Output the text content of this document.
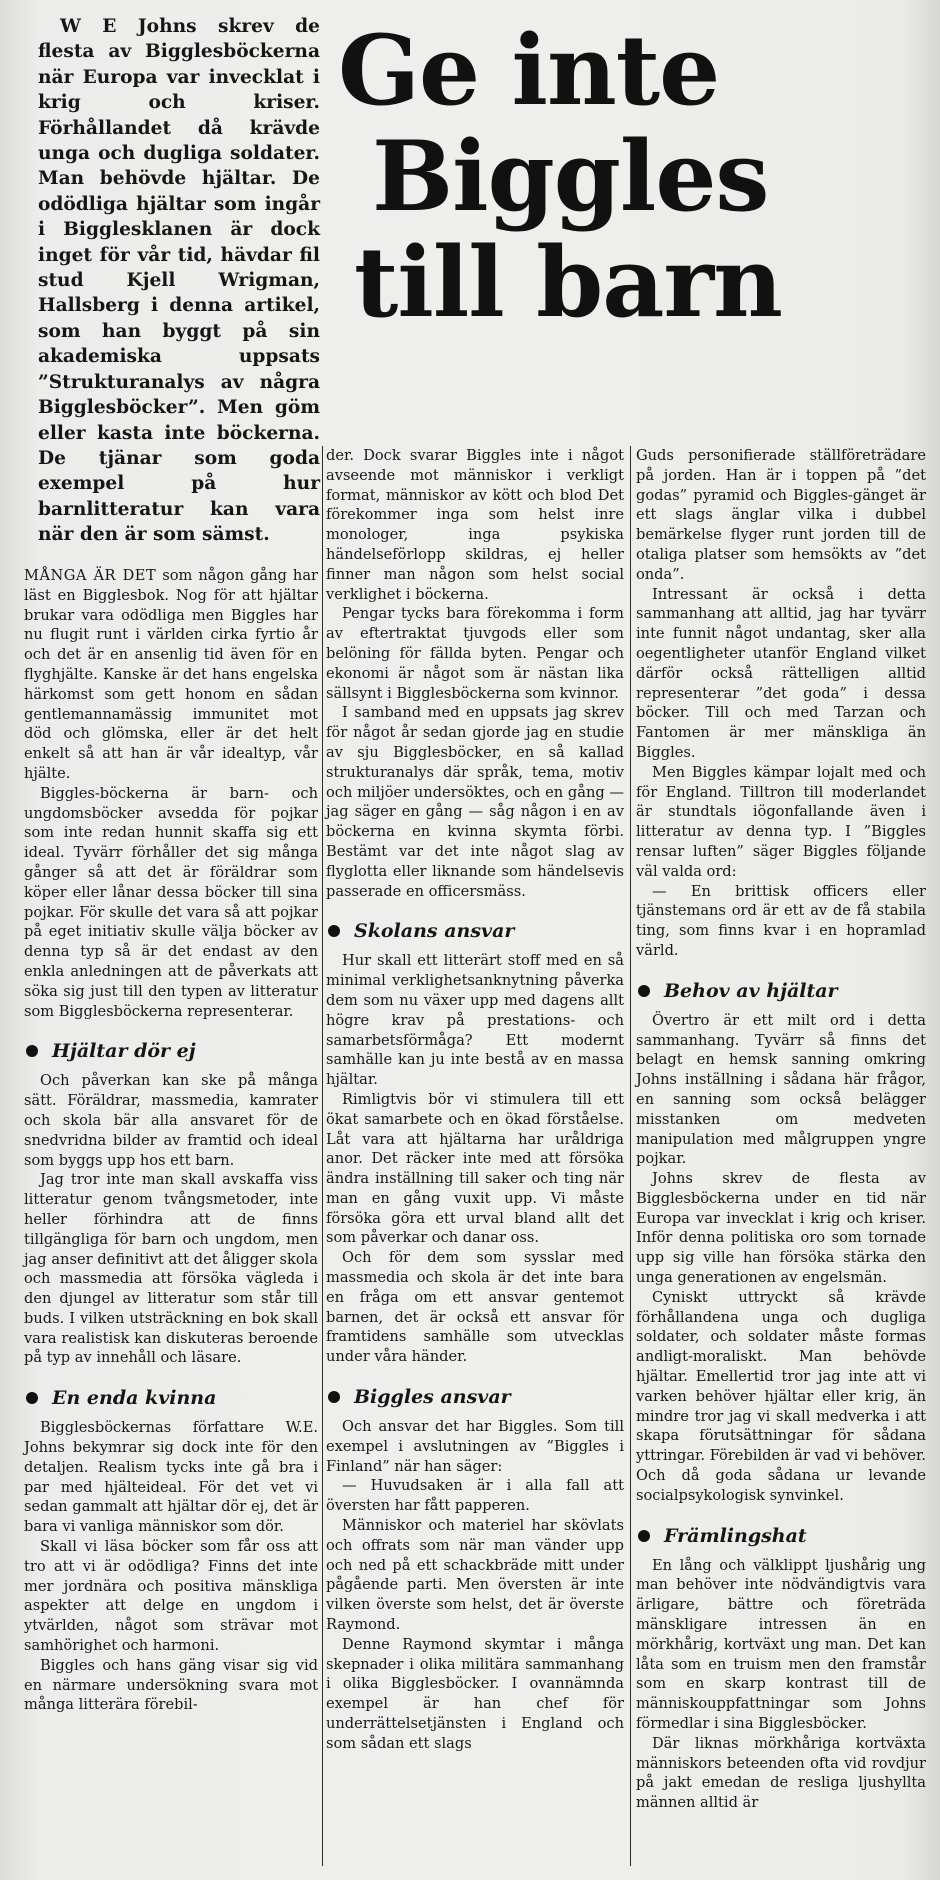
Ge inte
Biggles
till barn

W E Johns skrev de flesta av Bigglesböckerna när Europa var invecklat i krig och kriser. Förhållandet då krävde unga och dugliga soldater. Man behövde hjältar. De odödliga hjältar som ingår i Bigglesklanen är dock inget för vår tid, hävdar fil stud Kjell Wrigman, Hallsberg i denna artikel, som han byggt på sin akademiska uppsats ”Strukturanalys av några Bigglesböcker”. Men göm eller kasta inte böckerna. De tjänar som goda exempel på hur barnlitteratur kan vara när den är som sämst.

MÅNGA ÄR DET som någon gång har läst en Bigglesbok. Nog för att hjältar brukar vara odödliga men Biggles har nu flugit runt i världen cirka fyrtio år och det är en ansenlig tid även för en flyghjälte. Kanske är det hans engelska härkomst som gett honom en sådan gentlemannamässig immunitet mot död och glömska, eller är det helt enkelt så att han är vår idealtyp, vår hjälte.

Biggles-böckerna är barn- och ungdomsböcker avsedda för pojkar som inte redan hunnit skaffa sig ett ideal. Tyvärr förhåller det sig många gånger så att det är föräldrar som köper eller lånar dessa böcker till sina pojkar. För skulle det vara så att pojkar på eget initiativ skulle välja böcker av denna typ så är det endast av den enkla anledningen att de påverkats att söka sig just till den typen av litteratur som Bigglesböckerna representerar.

Hjältar dör ej

Och påverkan kan ske på många sätt. Föräldrar, massmedia, kamrater och skola bär alla ansvaret för de snedvridna bilder av framtid och ideal som byggs upp hos ett barn.

Jag tror inte man skall avskaffa viss litteratur genom tvångsmetoder, inte heller förhindra att de finns tillgängliga för barn och ungdom, men jag anser definitivt att det åligger skola och massmedia att försöka vägleda i den djungel av litteratur som står till buds. I vilken utsträckning en bok skall vara realistisk kan diskuteras beroende på typ av innehåll och läsare.

En enda kvinna

Bigglesböckernas författare W.E. Johns bekymrar sig dock inte för den detaljen. Realism tycks inte gå bra i par med hjälteideal. För det vet vi sedan gammalt att hjältar dör ej, det är bara vi vanliga människor som dör.

Skall vi läsa böcker som får oss att tro att vi är odödliga? Finns det inte mer jordnära och positiva mänskliga aspekter att delge en ungdom i ytvärlden, något som strävar mot samhörighet och harmoni.

Biggles och hans gäng visar sig vid en närmare undersökning svara mot många litterära förebil-

der. Dock svarar Biggles inte i något avseende mot människor i verkligt format, människor av kött och blod Det förekommer inga som helst inre monologer, inga psykiska händelseförlopp skildras, ej heller finner man någon som helst social verklighet i böckerna.

Pengar tycks bara förekomma i form av eftertraktat tjuvgods eller som belöning för fällda byten. Pengar och ekonomi är något som är nästan lika sällsynt i Bigglesböckerna som kvinnor.

I samband med en uppsats jag skrev för något år sedan gjorde jag en studie av sju Bigglesböcker, en så kallad strukturanalys där språk, tema, motiv och miljöer undersöktes, och en gång — jag säger en gång — såg någon i en av böckerna en kvinna skymta förbi. Bestämt var det inte något slag av flyglotta eller liknande som händelsevis passerade en officersmäss.

Skolans ansvar

Hur skall ett litterärt stoff med en så minimal verklighetsanknytning påverka dem som nu växer upp med dagens allt högre krav på prestations- och samarbetsförmåga? Ett modernt samhälle kan ju inte bestå av en massa hjältar.

Rimligtvis bör vi stimulera till ett ökat samarbete och en ökad förståelse. Låt vara att hjältarna har uråldriga anor. Det räcker inte med att försöka ändra inställning till saker och ting när man en gång vuxit upp. Vi måste försöka göra ett urval bland allt det som påverkar och danar oss.

Och för dem som sysslar med massmedia och skola är det inte bara en fråga om ett ansvar gentemot barnen, det är också ett ansvar för framtidens samhälle som utvecklas under våra händer.

Biggles ansvar

Och ansvar det har Biggles. Som till exempel i avslutningen av ”Biggles i Finland” när han säger:

— Huvudsaken är i alla fall att översten har fått papperen.

Människor och materiel har skövlats och offrats som när man vänder upp och ned på ett schackbräde mitt under pågående parti. Men översten är inte vilken överste som helst, det är överste Raymond.

Denne Raymond skymtar i många skepnader i olika militära sammanhang i olika Bigglesböcker. I ovannämnda exempel är han chef för underrättelsetjänsten i England och som sådan ett slags

Guds personifierade ställföreträdare på jorden. Han är i toppen på ”det godas” pyramid och Biggles-gänget är ett slags änglar vilka i dubbel bemärkelse flyger runt jorden till de otaliga platser som hemsökts av ”det onda”.

Intressant är också i detta sammanhang att alltid, jag har tyvärr inte funnit något undantag, sker alla oegentligheter utanför England vilket därför också rättelligen alltid representerar ”det goda” i dessa böcker. Till och med Tarzan och Fantomen är mer mänskliga än Biggles.

Men Biggles kämpar lojalt med och för England. Tilltron till moderlandet är stundtals iögonfallande även i litteratur av denna typ. I ”Biggles rensar luften” säger Biggles följande väl valda ord:

— En brittisk officers eller tjänstemans ord är ett av de få stabila ting, som finns kvar i en hopramlad värld.

Behov av hjältar

Övertro är ett milt ord i detta sammanhang. Tyvärr så finns det belagt en hemsk sanning omkring Johns inställning i sådana här frågor, en sanning som också belägger misstanken om medveten manipulation med målgruppen yngre pojkar.

Johns skrev de flesta av Bigglesböckerna under en tid när Europa var invecklat i krig och kriser. Inför denna politiska oro som tornade upp sig ville han försöka stärka den unga generationen av engelsmän.

Cyniskt uttryckt så krävde förhållandena unga och dugliga soldater, och soldater måste formas andligt-moraliskt. Man behövde hjältar. Emellertid tror jag inte att vi varken behöver hjältar eller krig, än mindre tror jag vi skall medverka i att skapa förutsättningar för sådana yttringar. Förebilden är vad vi behöver. Och då goda sådana ur levande socialpsykologisk synvinkel.

Främlingshat

En lång och välklippt ljushårig ung man behöver inte nödvändigtvis vara ärligare, bättre och företräda mänskligare intressen än en mörkhårig, kortväxt ung man. Det kan låta som en truism men den framstår som en skarp kontrast till de människouppfattningar som Johns förmedlar i sina Bigglesböcker.

Där liknas mörkhåriga kortväxta människors beteenden ofta vid rovdjur på jakt emedan de resliga ljushyllta männen alltid är
